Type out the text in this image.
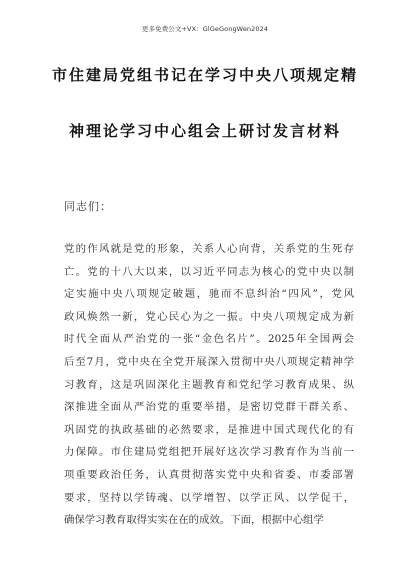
更多免费公文+VX：GlGeGongWen2024
市住建局党组书记在学习中央八项规定精
神理论学习中心组会上研讨发言材料
同志们：
党的作风就是党的形象，关系人心向背，关系党的生死存
亡。党的十八大以来，以习近平同志为核心的党中央以制
定实施中央八项规定破题，驰而不息纠治“四风”，党风
政风焕然一新，党心民心为之一振。中央八项规定成为新
时代全面从严治党的一张“金色名片”。2025年全国两会
后至7月，党中央在全党开展深入贯彻中央八项规定精神学
习教育，这是巩固深化主题教育和党纪学习教育成果、纵
深推进全面从严治党的重要举措，是密切党群干群关系、
巩固党的执政基础的必然要求，是推进中国式现代化的有
力保障。市住建局党组把开展好这次学习教育作为当前一
项重要政治任务，认真贯彻落实党中央和省委、市委部署
要求，坚持以学铸魂、以学增智、以学正风、以学促干，
确保学习教育取得实实在在的成效。下面，根据中心组学
